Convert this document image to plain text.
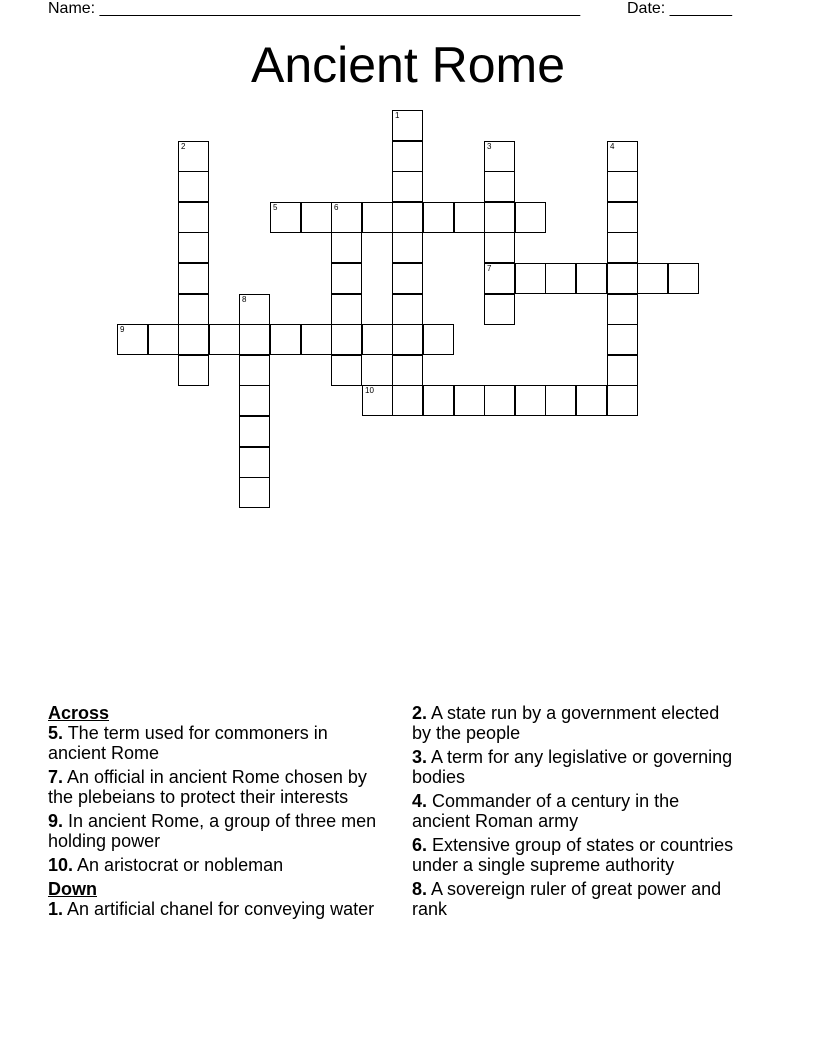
Name: ______________________________________________________	Date: _______
Ancient Rome
1
2	3
7
4
5	6
8
9
10
Across
5. The term used for commoners in ancient Rome
7. An official in ancient Rome chosen by the plebeians to protect their interests
9. In ancient Rome, a group of three men holding power
10. An aristocrat or nobleman
Down
1. An artificial chanel for conveying water
2. A state run by a government elected by the people
3. A term for any legislative or governing bodies
4. Commander of a century in the ancient Roman army
6. Extensive group of states or countries under a single supreme authority
8. A sovereign ruler of great power and rank
